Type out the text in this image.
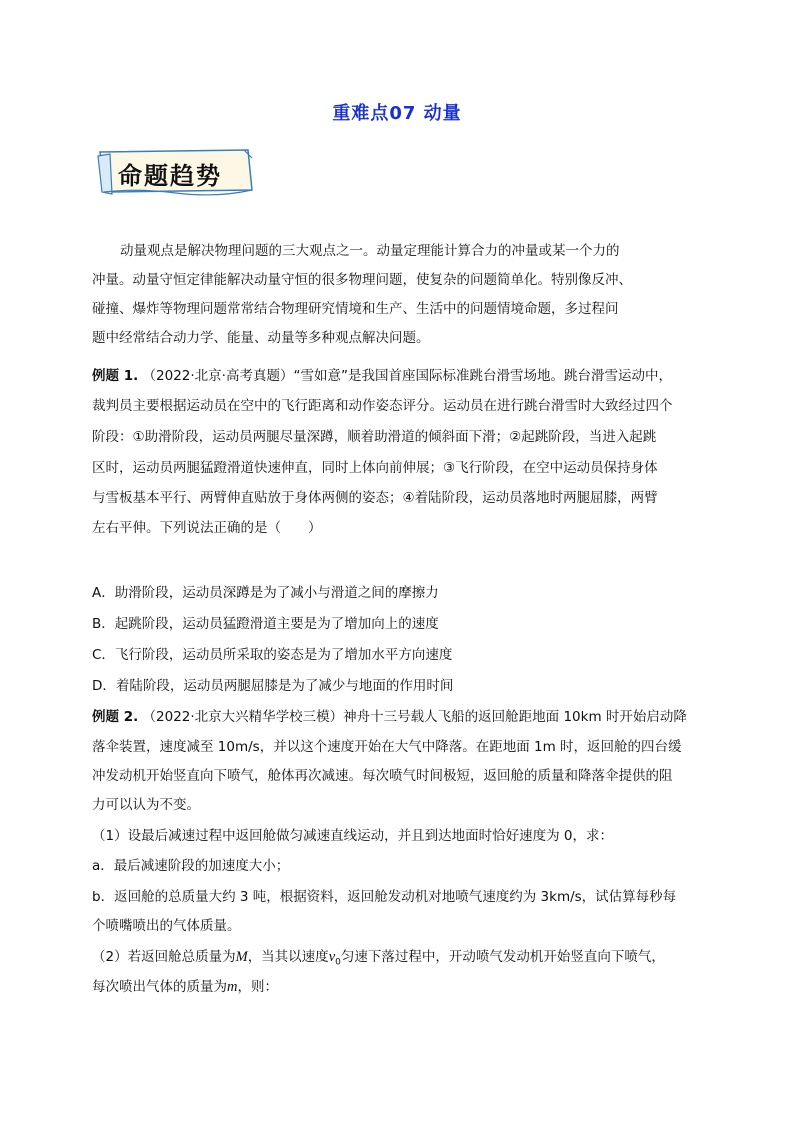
重难点07 动量
命题趋势
动量观点是解决物理问题的三大观点之一。动量定理能计算合力的冲量或某一个力的
冲量。动量守恒定律能解决动量守恒的很多物理问题，使复杂的问题简单化。特别像反冲、
碰撞、爆炸等物理问题常常结合物理研究情境和生产、生活中的问题情境命题，多过程问
题中经常结合动力学、能量、动量等多种观点解决问题。
例题 1. （2022·北京·高考真题）“雪如意”是我国首座国际标准跳台滑雪场地。跳台滑雪运动中，
裁判员主要根据运动员在空中的飞行距离和动作姿态评分。运动员在进行跳台滑雪时大致经过四个
阶段：①助滑阶段，运动员两腿尽量深蹲，顺着助滑道的倾斜面下滑；②起跳阶段，当进入起跳
区时，运动员两腿猛蹬滑道快速伸直，同时上体向前伸展；③飞行阶段，在空中运动员保持身体
与雪板基本平行、两臂伸直贴放于身体两侧的姿态；④着陆阶段，运动员落地时两腿屈膝，两臂
左右平伸。下列说法正确的是（　　）
A．助滑阶段，运动员深蹲是为了减小与滑道之间的摩擦力
B．起跳阶段，运动员猛蹬滑道主要是为了增加向上的速度
C．飞行阶段，运动员所采取的姿态是为了增加水平方向速度
D．着陆阶段，运动员两腿屈膝是为了减少与地面的作用时间
例题 2. （2022·北京大兴精华学校三模）神舟十三号载人飞船的返回舱距地面 10km 时开始启动降
落伞装置，速度减至 10m/s，并以这个速度开始在大气中降落。在距地面 1m 时，返回舱的四台缓
冲发动机开始竖直向下喷气，舱体再次减速。每次喷气时间极短，返回舱的质量和降落伞提供的阻
力可以认为不变。
（1）设最后减速过程中返回舱做匀减速直线运动，并且到达地面时恰好速度为 0，求：
a．最后减速阶段的加速度大小；
b．返回舱的总质量大约 3 吨，根据资料，返回舱发动机对地喷气速度约为 3km/s，试估算每秒每
个喷嘴喷出的气体质量。
（2）若返回舱总质量为M，当其以速度$v_0$匀速下落过程中，开动喷气发动机开始竖直向下喷气，
每次喷出气体的质量为m，则：
